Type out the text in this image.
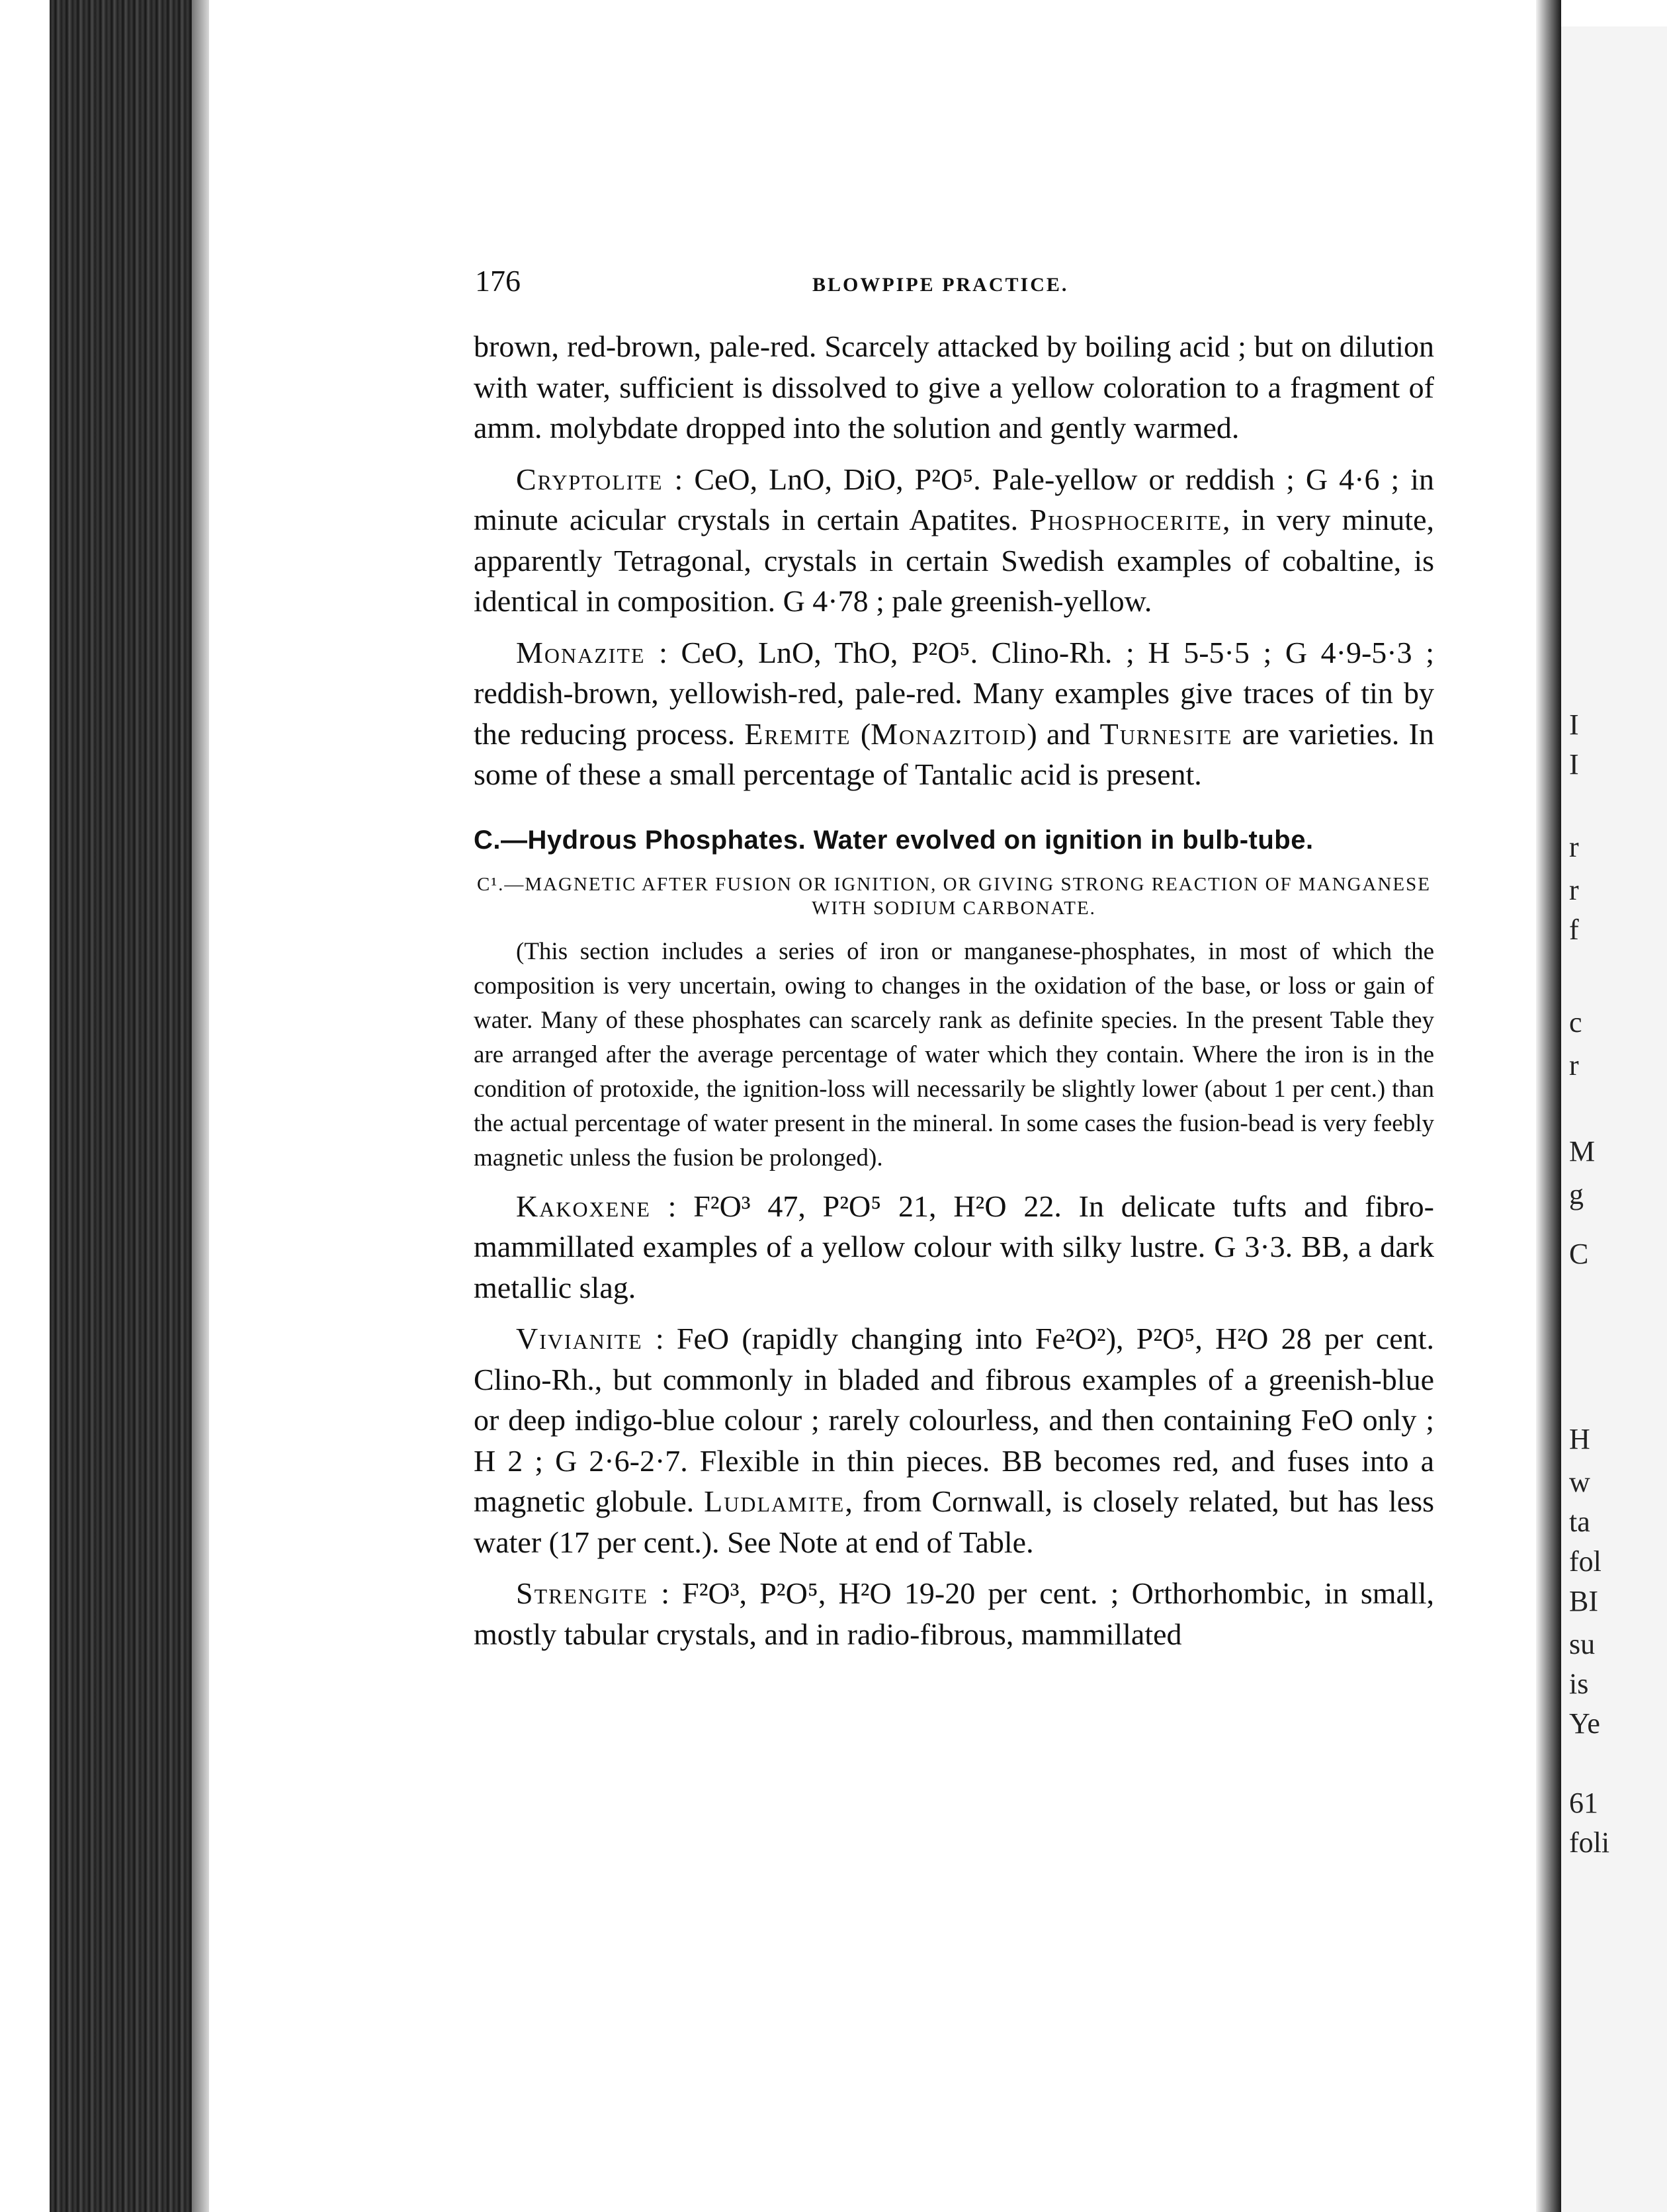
I
I
r
r
f
c
r
M
g
C
H
w
ta
fol
BI
su
is
Ye
61
foli
176	BLOWPIPE PRACTICE.

brown, red-brown, pale-red. Scarcely attacked by boiling acid ; but on dilution with water, sufficient is dissolved to give a yellow coloration to a fragment of amm. molybdate dropped into the solution and gently warmed.

Cryptolite : CeO, LnO, DiO, P²O⁵. Pale-yellow or reddish ; G 4·6 ; in minute acicular crystals in certain Apatites. Phosphocerite, in very minute, apparently Tetragonal, crystals in certain Swedish examples of cobaltine, is identical in composition. G 4·78 ; pale greenish-yellow.

Monazite : CeO, LnO, ThO, P²O⁵. Clino-Rh. ; H 5-5·5 ; G 4·9-5·3 ; reddish-brown, yellowish-red, pale-red. Many examples give traces of tin by the reducing process. Eremite (Monazitoid) and Turnesite are varieties. In some of these a small percentage of Tantalic acid is present.

C.—Hydrous Phosphates. Water evolved on ignition in bulb-tube.
C¹.—MAGNETIC AFTER FUSION OR IGNITION, OR GIVING STRONG REACTION OF MANGANESE WITH SODIUM CARBONATE.

(This section includes a series of iron or manganese-phosphates, in most of which the composition is very uncertain, owing to changes in the oxidation of the base, or loss or gain of water. Many of these phosphates can scarcely rank as definite species. In the present Table they are arranged after the average percentage of water which they contain. Where the iron is in the condition of protoxide, the ignition-loss will necessarily be slightly lower (about 1 per cent.) than the actual percentage of water present in the mineral. In some cases the fusion-bead is very feebly magnetic unless the fusion be prolonged).

Kakoxene : F²O³ 47, P²O⁵ 21, H²O 22. In delicate tufts and fibro-mammillated examples of a yellow colour with silky lustre. G 3·3. BB, a dark metallic slag.

Vivianite : FeO (rapidly changing into Fe²O²), P²O⁵, H²O 28 per cent. Clino-Rh., but commonly in bladed and fibrous examples of a greenish-blue or deep indigo-blue colour ; rarely colourless, and then containing FeO only ; H 2 ; G 2·6-2·7. Flexible in thin pieces. BB becomes red, and fuses into a magnetic globule. Ludlamite, from Cornwall, is closely related, but has less water (17 per cent.). See Note at end of Table.

Strengite : F²O³, P²O⁵, H²O 19-20 per cent. ; Orthorhombic, in small, mostly tabular crystals, and in radio-fibrous, mammillated
